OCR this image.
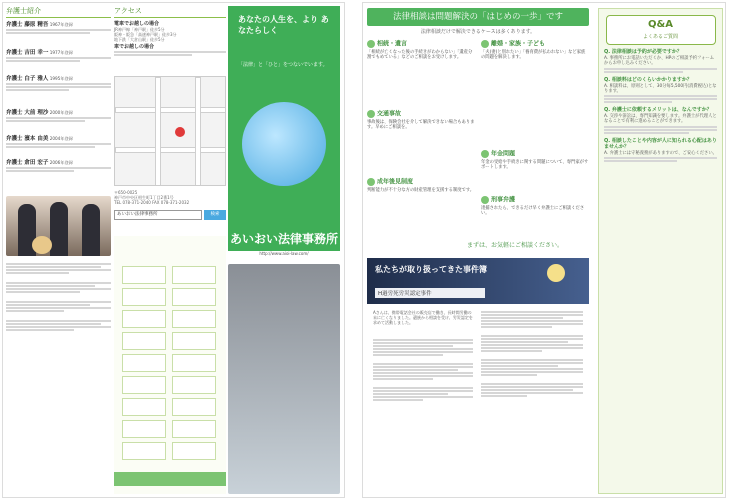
弁護士紹介	アクセス
弁護士 藤原 精吾 1967年登録
弁護士 吉田 幸一 1977年登録
弁護士 白子 雅人 1995年登録
弁護士 大前 理沙 2000年登録
弁護士 濱本 由美 2004年登録
弁護士 倉田 宏子 2006年登録
電車でお越しの場合
JR神戸線「神戸駅」徒歩5分
阪神・阪急「高速神戸駅」徒歩3分
地下鉄「大倉山駅」徒歩5分
車でお越しの場合
〒650-0025
神戸市中央区相生町1丁目2番1号
TEL 078-371-2040 FAX 078-371-2032
あいおい法律事務所	検索
あなたの人生を、より あなたらしく
「法律」と「ひと」をつないでいます。
あいおい法律事務所
http://www.aioi-law.com/
法律相談は問題解決の「はじめの一歩」です
法律相談だけで解決できるケースは多くあります。
相続・遺言
「相続が亡くなった後の手続きがわからない」「遺産分割でもめている」などのご相談をお受けします。
離婚・家族・子ども
「夫(妻)と別れたい」「養育費が払われない」など家族の問題を解決します。
交通事故
事故後は、保険会社を介して解決できない場合もあります。早めにご相談を。
年金問題
年金の受給や手続きに関する問題について、専門家がサポートします。
成年後見制度
判断能力が不十分な方の財産管理を支援する制度です。
刑事弁護
逮捕されたら、できるだけ早く弁護士にご相談ください。
まずは、お気軽にご相談ください。
私たちが取り扱ってきた事件簿
H過労死労災認定事件
Aさんは、携帯電話会社の販売店で働き、長時間労働の末に亡くなりました。遺族から相談を受け、労災認定を求めて活動しました。
Q&A
よくあるご質問
Q. 法律相談は予約が必要ですか？
A. 事務所にお電話いただくか、HPのご相談予約フォームからお申し込みください。
Q. 相談料はどのくらいかかりますか？
A. 相談料は、原則として、30分毎5,500円(消費税込)となります。
Q. 弁護士に依頼するメリットは、なんですか？
A. 交渉や訴訟は、専門知識を要します。弁護士が代理人となることで有利に進めることができます。
Q. 相談したことや内容が人に知られる心配はありませんか？
A. 弁護士には守秘義務がありますので、ご安心ください。
